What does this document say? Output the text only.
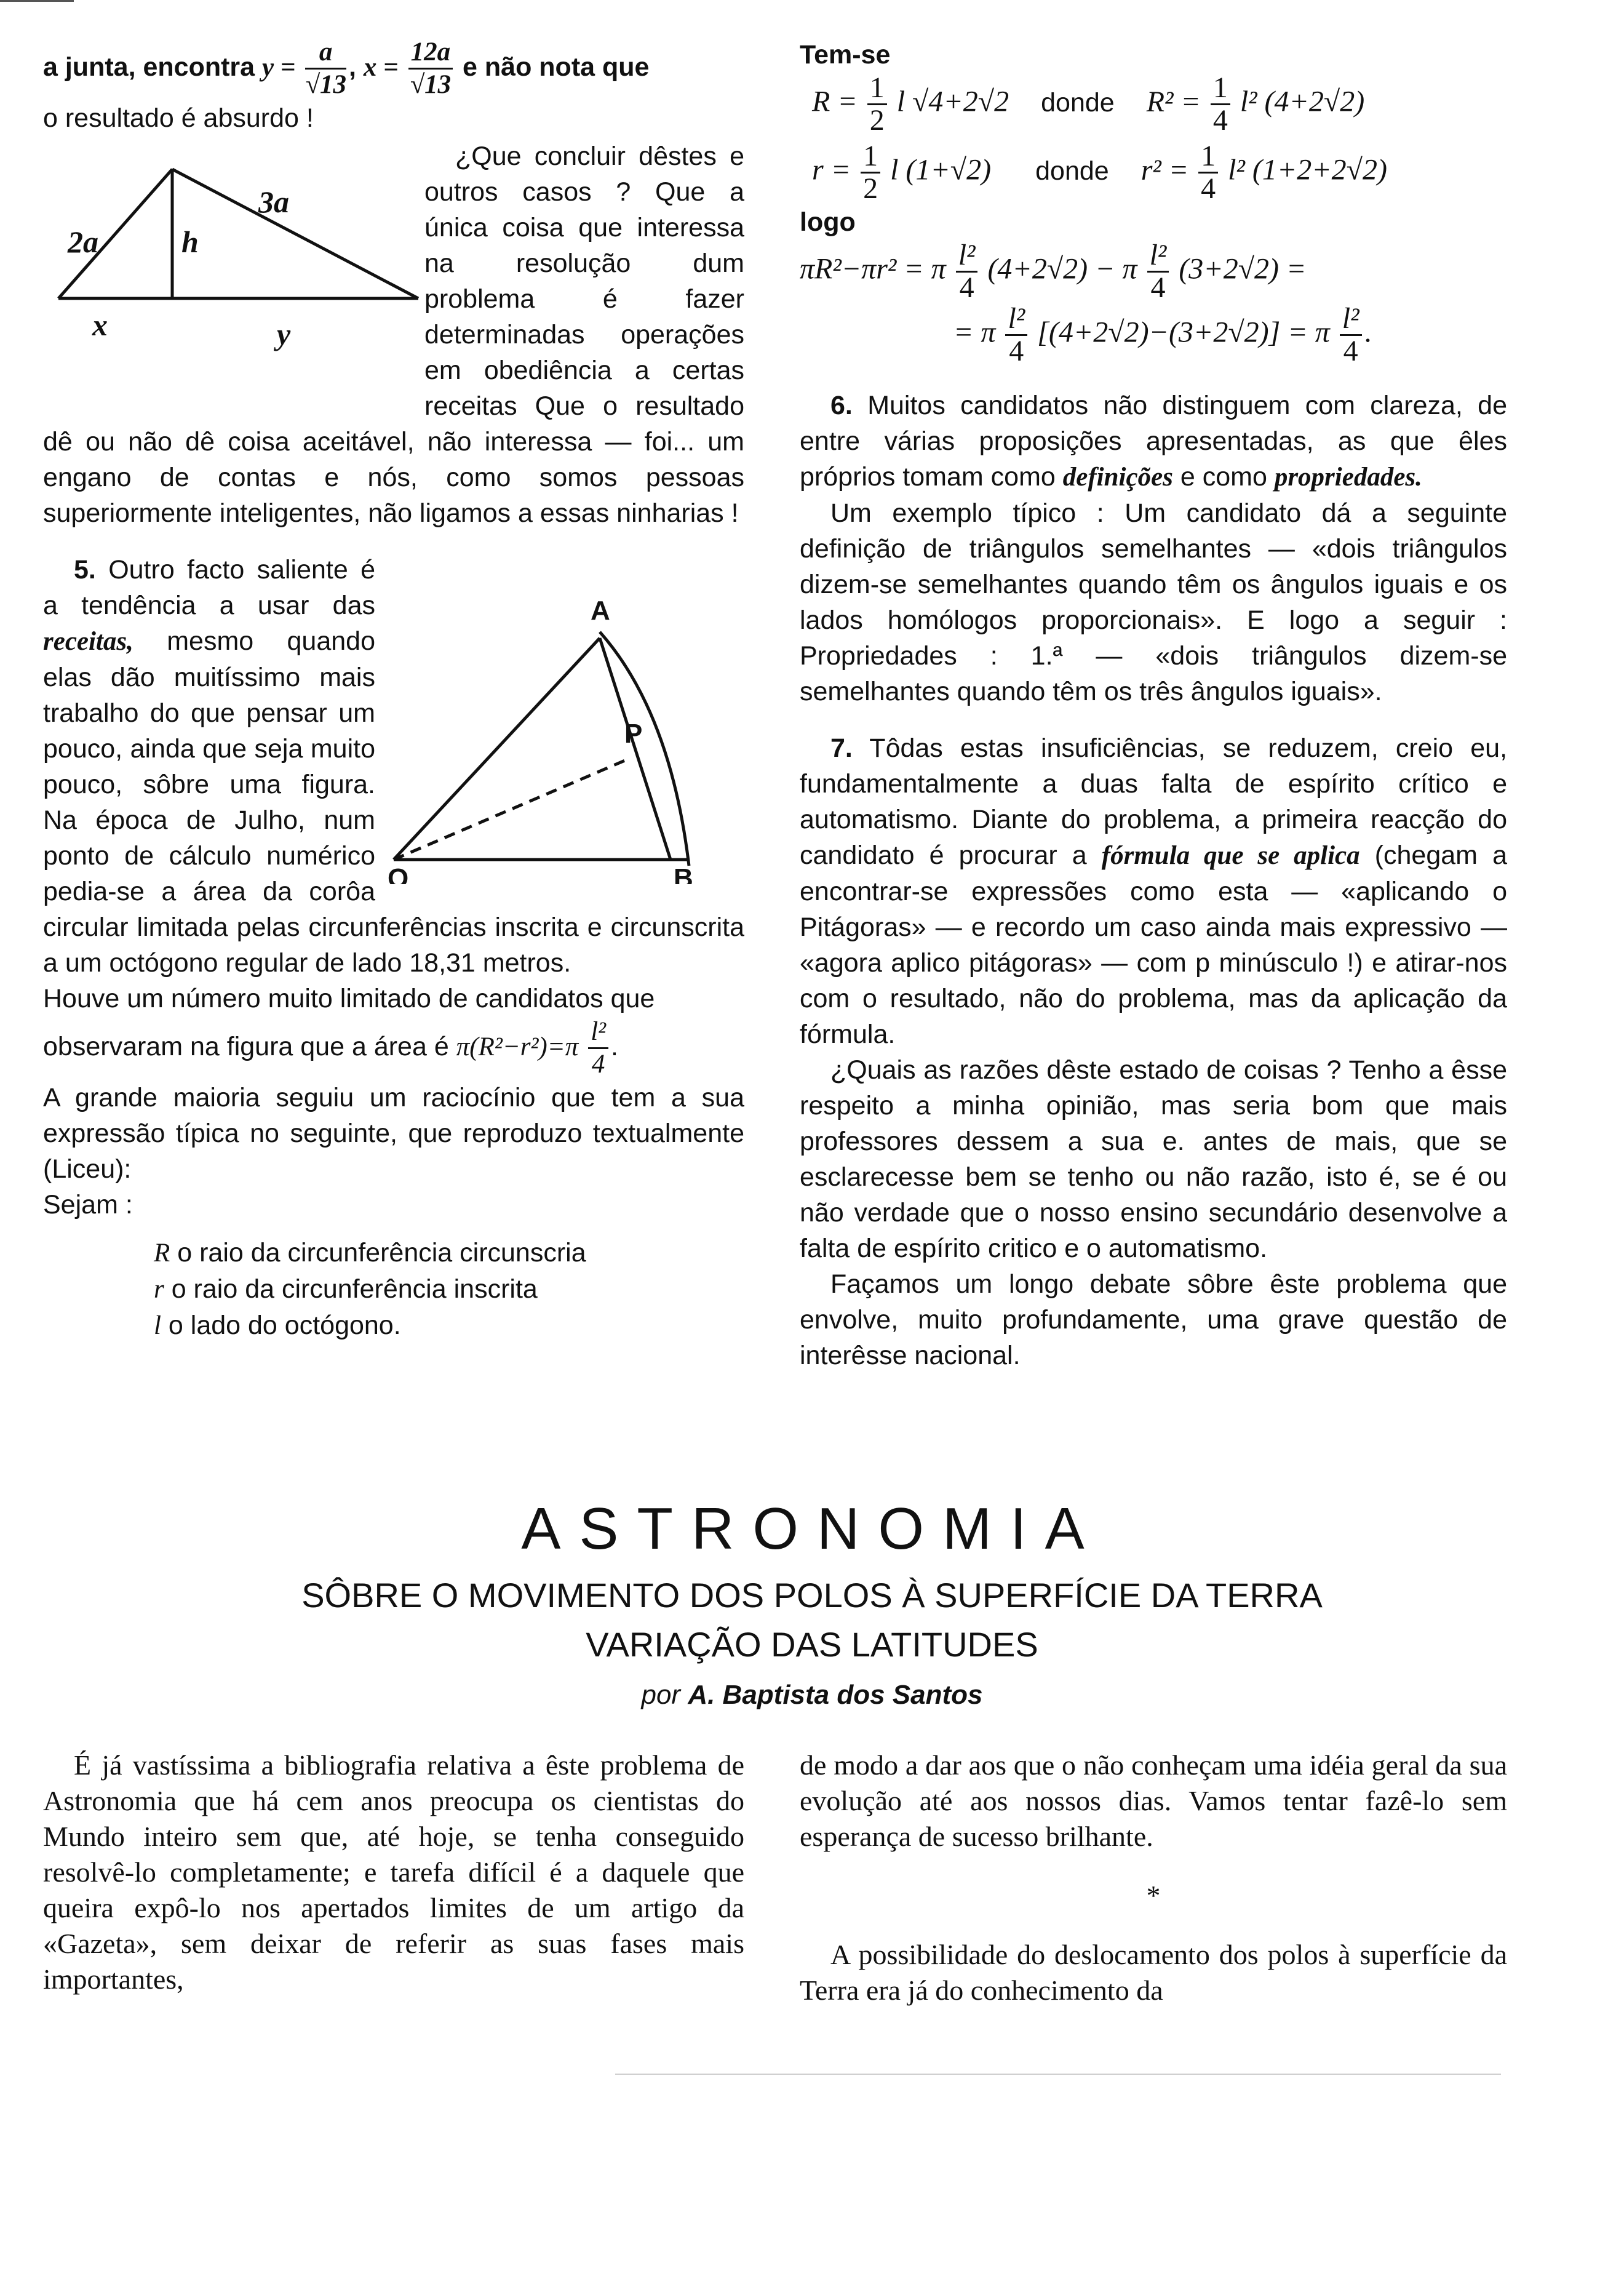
a junta, encontra $y = \frac{a}{√13}$ , $x = \frac{12a}{√13}$ e não nota que

o resultado é absurdo !

2a
3a
h
x	y

¿Que concluir dêstes e outros casos ? Que a única coisa que interessa na resolução dum problema é fazer determinadas operações em obediência a certas receitas Que o resultado dê ou não dê coisa aceitável, não interessa — foi... um engano de contas e nós, como somos pessoas superiormente inteligentes, não ligamos a essas ninharias !

A
P
O	B

5. Outro facto saliente é a tendência a usar das receitas, mesmo quando elas dão muitíssimo mais trabalho do que pensar um pouco, ainda que seja muito pouco, sôbre uma figura. Na época de Julho, num ponto de cálculo numérico pedia-se a área da corôa circular limitada pelas circunferências inscrita e circunscrita a um octógono regular de lado 18,31 metros.

Houve um número muito limitado de candidatos que

observaram na figura que a área é $\pi(R^2-r^2)=\pi \frac{\text{l²}}{4}$ .

A grande maioria seguiu um raciocínio que tem a sua expressão típica no seguinte, que reproduzo textualmente (Liceu):

Sejam :

R o raio da circunferência circunscria
r o raio da circunferência inscrita
l o lado do octógono.

Tem-se

$R = \frac{1}{2}$ l √4+2√2 donde $R^2 = \frac{1}{4} l^2$ (4+2√2)
$r = \frac{1}{2}$ l (1+√2) donde $r^2 = \frac{1}{4} l^2$ (1+2+2√2)

logo

πR²−πr² = π $\frac{\text{l²}}{4} (4+2√2) - \pi \frac{\text{l²}}{4} (3+2√2)$ =
= π $\frac{\text{l²}}{4} [(4+2√2)-(3+2√2)] = \pi \frac{\text{l²}}{4}$ .

6. Muitos candidatos não distinguem com clareza, de entre várias proposições apresentadas, as que êles próprios tomam como definições e como propriedades.

Um exemplo típico : Um candidato dá a seguinte definição de triângulos semelhantes — «dois triângulos dizem-se semelhantes quando têm os ângulos iguais e os lados homólogos proporcionais». E logo a seguir : Propriedades : 1.ª — «dois triângulos dizem-se semelhantes quando têm os três ângulos iguais».

7. Tôdas estas insuficiências, se reduzem, creio eu, fundamentalmente a duas falta de espírito crítico e automatismo. Diante do problema, a primeira reacção do candidato é procurar a fórmula que se aplica (chegam a encontrar-se expressões como esta — «aplicando o Pitágoras» — e recordo um caso ainda mais expressivo — «agora aplico pitágoras» — com p minúsculo !) e atirar-nos com o resultado, não do problema, mas da aplicação da fórmula.

¿Quais as razões dêste estado de coisas ? Tenho a êsse respeito a minha opinião, mas seria bom que mais professores dessem a sua e. antes de mais, que se esclarecesse bem se tenho ou não razão, isto é, se é ou não verdade que o nosso ensino secundário desenvolve a falta de espírito critico e o automatismo.

Façamos um longo debate sôbre êste problema que envolve, muito profundamente, uma grave questão de interêsse nacional.

ASTRONOMIA
SÔBRE O MOVIMENTO DOS POLOS À SUPERFÍCIE DA TERRA
VARIAÇÃO DAS LATITUDES
por A. Baptista dos Santos

É já vastíssima a bibliografia relativa a êste problema de Astronomia que há cem anos preocupa os cientistas do Mundo inteiro sem que, até hoje, se tenha conseguido resolvê-lo completamente; e tarefa difícil é a daquele que queira expô-lo nos apertados limites de um artigo da «Gazeta», sem deixar de referir as suas fases mais importantes,

de modo a dar aos que o não conheçam uma idéia geral da sua evolução até aos nossos dias. Vamos tentar fazê-lo sem esperança de sucesso brilhante.

*

A possibilidade do deslocamento dos polos à superfície da Terra era já do conhecimento da
